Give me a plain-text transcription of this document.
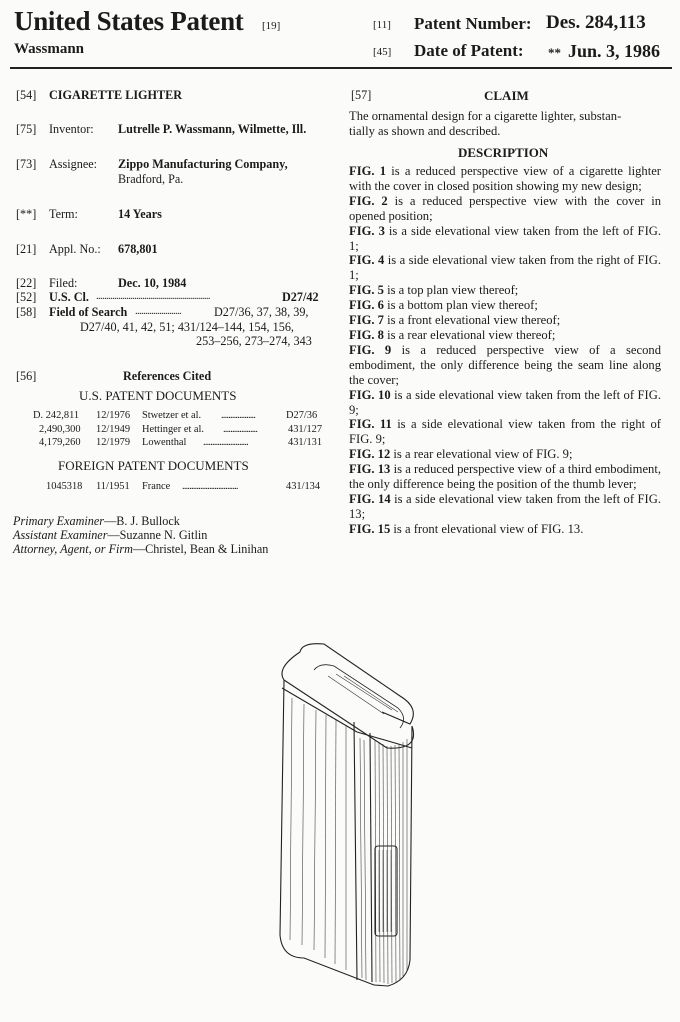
United States Patent [19]
Wassmann
[11] Patent Number: Des. 284,113
[45] Date of Patent: ** Jun. 3, 1986
[54] CIGARETTE LIGHTER
[75] Inventor: Lutrelle P. Wassmann, Wilmette, Ill.
[73] Assignee: Zippo Manufacturing Company,
Bradford, Pa.
[**] Term:	14 Years
[21] Appl. No.: 678,801
[22] Filed:	Dec. 10, 1984
[52] U.S. Cl. .........................................................	D27/42
[58] Field of Search .......................	D27/36, 37, 38, 39,
D27/40, 41, 42, 51; 431/124–144, 154, 156,
253–256, 273–274, 343
[56]	References Cited
U.S. PATENT DOCUMENTS
D. 242,811 12/1976 Stwetzer et al. ...................	D27/36
2,490,300 12/1949 Hettinger et al. ...................	431/127
4,179,260 12/1979 Lowenthal .........................	431/131
FOREIGN PATENT DOCUMENTS
1045318 11/1951 France ...............................	431/134
Primary Examiner—B. J. Bullock
Assistant Examiner—Suzanne N. Gitlin
Attorney, Agent, or Firm—Christel, Bean & Linihan
[57]	CLAIM
The ornamental design for a cigarette lighter, substan-
tially as shown and described.
DESCRIPTION

FIG. 1 is a reduced perspective view of a cigarette lighter with the cover in closed position showing my new design;

FIG. 2 is a reduced perspective view with the cover in opened position;

FIG. 3 is a side elevational view taken from the left of FIG. 1;

FIG. 4 is a side elevational view taken from the right of FIG. 1;

FIG. 5 is a top plan view thereof;

FIG. 6 is a bottom plan view thereof;

FIG. 7 is a front elevational view thereof;

FIG. 8 is a rear elevational view thereof;

FIG. 9 is a reduced perspective view of a second embodiment, the only difference being the seam line along the cover;

FIG. 10 is a side elevational view taken from the left of FIG. 9;

FIG. 11 is a side elevational view taken from the right of FIG. 9;

FIG. 12 is a rear elevational view of FIG. 9;

FIG. 13 is a reduced perspective view of a third embodiment, the only difference being the position of the thumb lever;

FIG. 14 is a side elevational view taken from the left of FIG. 13;

FIG. 15 is a front elevational view of FIG. 13.
